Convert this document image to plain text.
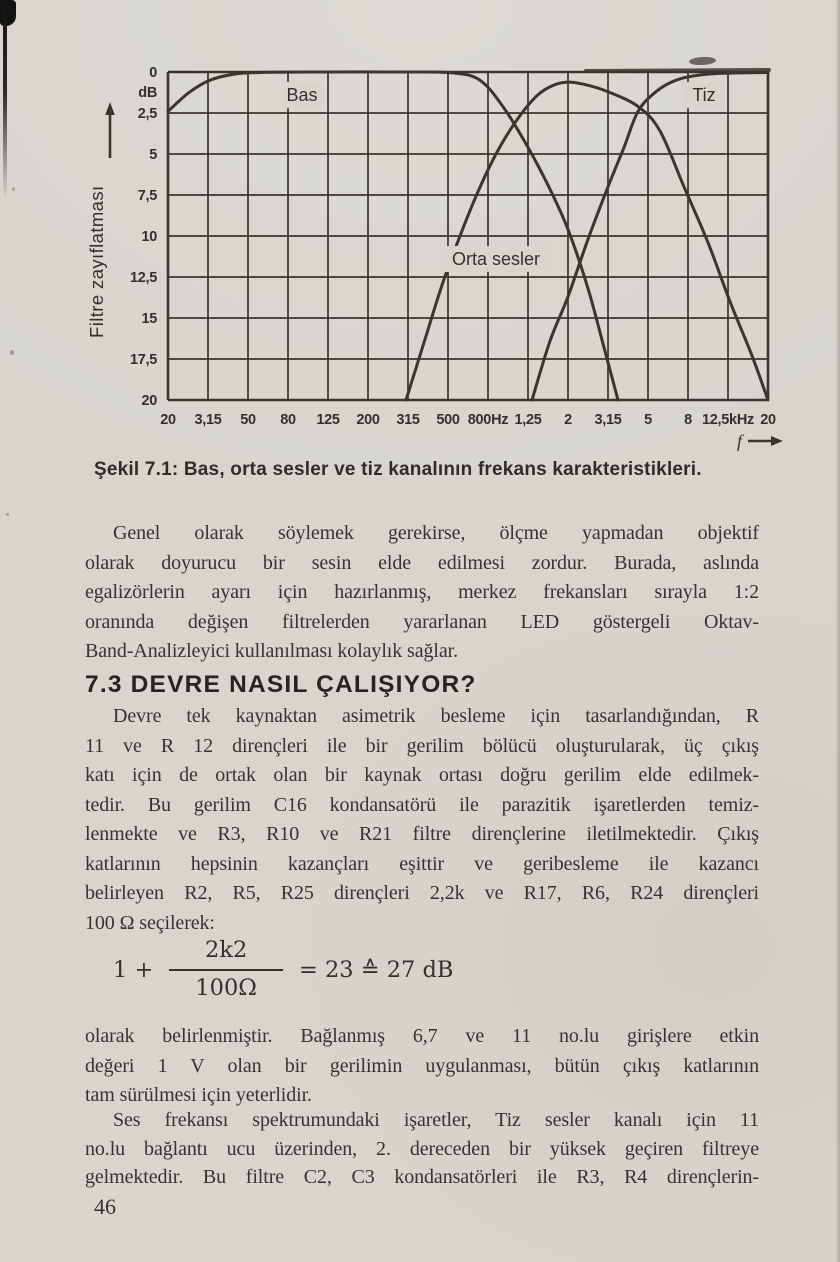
20 3,15 50 80 125 200 315 500 800Hz 1,25 2 3,15 5 8 12,5kHz 20
0
2,5
5
7,5
10
12,5
15
17,5
20
dB	Bas
Orta sesler
Tiz
Filtre zayıflatması
f
Şekil 7.1: Bas, orta sesler ve tiz kanalının frekans karakteristikleri.
Genel olarak söylemek gerekirse, ölçme yapmadan objektif
olarak doyurucu bir sesin elde edilmesi zordur. Burada, aslında
egalizörlerin ayarı için hazırlanmış, merkez frekansları sırayla 1:2
oranında değişen filtrelerden yararlanan LED göstergeli Oktav-
Band-Analizleyici kullanılması kolaylık sağlar.
7.3 DEVRE NASIL ÇALIŞIYOR?
Devre tek kaynaktan asimetrik besleme için tasarlandığından, R
11 ve R 12 dirençleri ile bir gerilim bölücü oluşturularak, üç çıkış
katı için de ortak olan bir kaynak ortası doğru gerilim elde edilmek-
tedir. Bu gerilim C16 kondansatörü ile parazitik işaretlerden temiz-
lenmekte ve R3, R10 ve R21 filtre dirençlerine iletilmektedir. Çıkış
katlarının hepsinin kazançları eşittir ve geribesleme ile kazancı
belirleyen R2, R5, R25 dirençleri 2,2k ve R17, R6, R24 dirençleri
100 Ω seçilerek:
$1 + \frac{2k2}{100\Omega} = 23$ ≙ 27 dB
olarak belirlenmiştir. Bağlanmış 6,7 ve 11 no.lu girişlere etkin
değeri 1 V olan bir gerilimin uygulanması, bütün çıkış katlarının
tam sürülmesi için yeterlidir.
Ses frekansı spektrumundaki işaretler, Tiz sesler kanalı için 11
no.lu bağlantı ucu üzerinden, 2. dereceden bir yüksek geçiren filtreye
gelmektedir. Bu filtre C2, C3 kondansatörleri ile R3, R4 dirençlerin-
46
